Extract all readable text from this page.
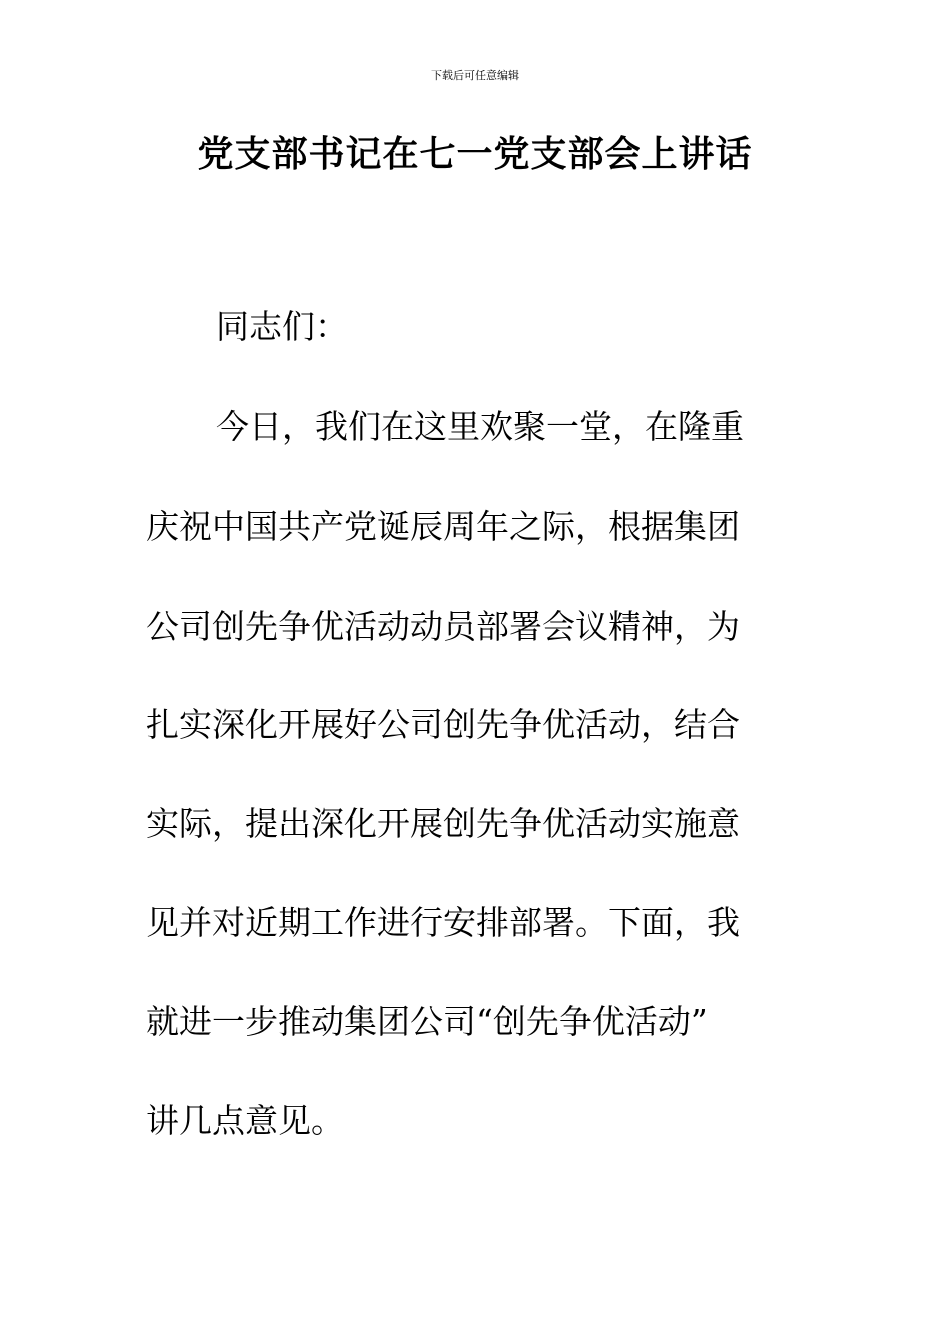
下载后可任意编辑
党支部书记在七一党支部会上讲话
同志们：
今日，我们在这里欢聚一堂，在隆重
庆祝中国共产党诞辰周年之际，根据集团
公司创先争优活动动员部署会议精神，为
扎实深化开展好公司创先争优活动，结合
实际，提出深化开展创先争优活动实施意
见并对近期工作进行安排部署。下面，我
就进一步推动集团公司“创先争优活动”
讲几点意见。
